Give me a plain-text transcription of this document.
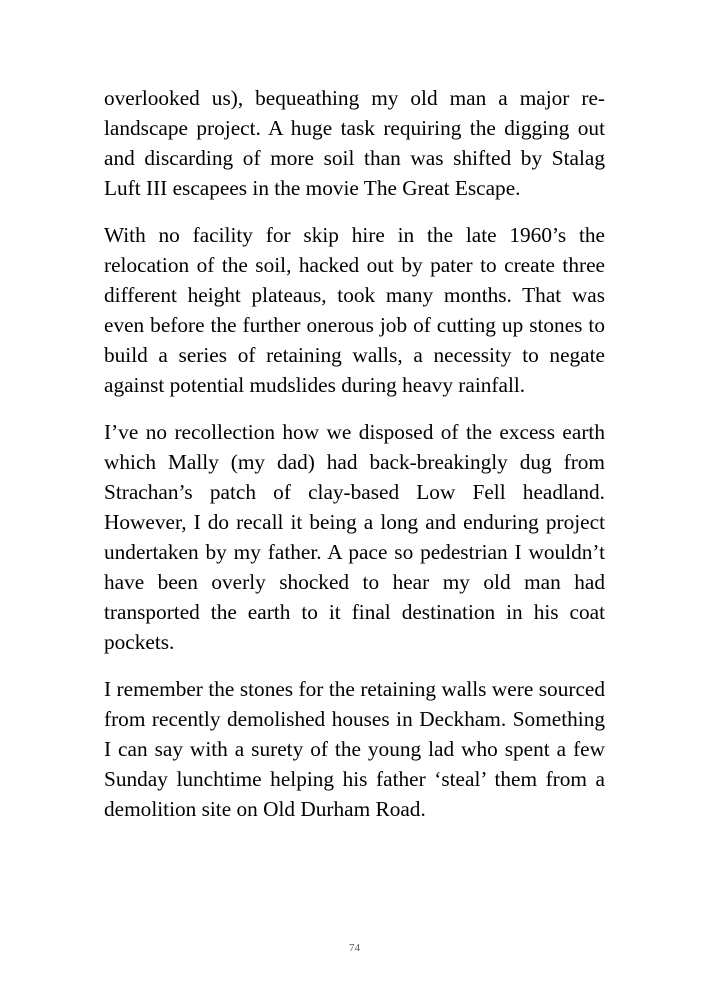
overlooked us), bequeathing my old man a major re-landscape project. A huge task requiring the digging out and discarding of more soil than was shifted by Stalag Luft III escapees in the movie The Great Escape.

With no facility for skip hire in the late 1960’s the relocation of the soil, hacked out by pater to create three different height plateaus, took many months. That was even before the further onerous job of cutting up stones to build a series of retaining walls, a necessity to negate against potential mudslides during heavy rainfall.

I’ve no recollection how we disposed of the excess earth which Mally (my dad) had back-breakingly dug from Strachan’s patch of clay-based Low Fell headland. However, I do recall it being a long and enduring project undertaken by my father. A pace so pedestrian I wouldn’t have been overly shocked to hear my old man had transported the earth to it final destination in his coat pockets.

I remember the stones for the retaining walls were sourced from recently demolished houses in Deckham. Something I can say with a surety of the young lad who spent a few Sunday lunchtime helping his father ‘steal’ them from a demolition site on Old Durham Road.

74
